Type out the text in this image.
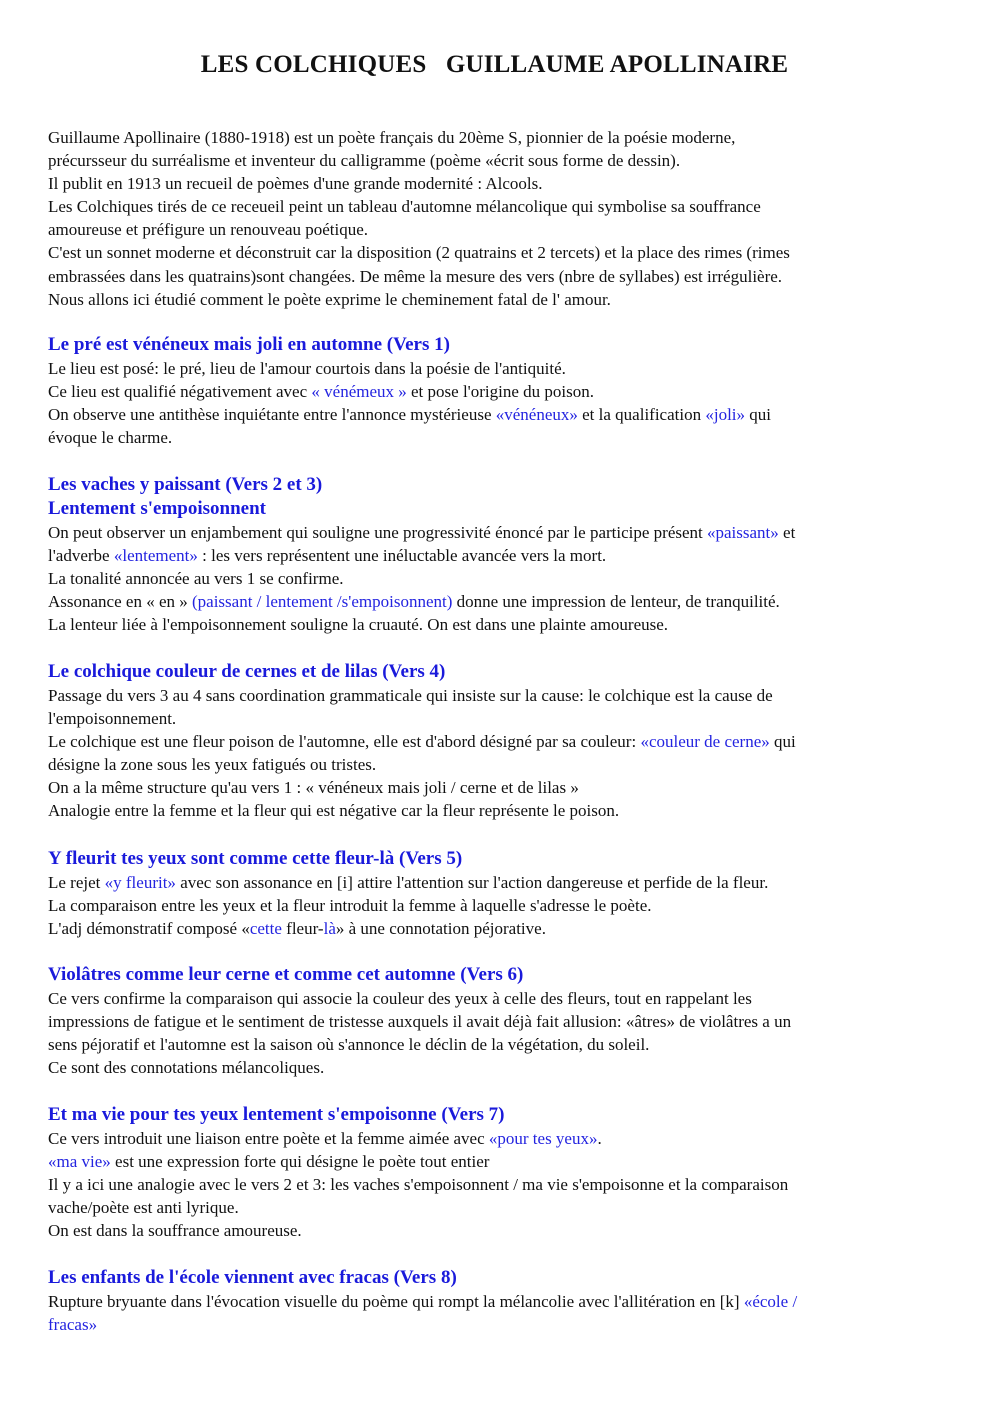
LES COLCHIQUES   GUILLAUME APOLLINAIRE

Guillaume Apollinaire (1880-1918) est un poète français du 20ème S, pionnier de la poésie moderne,

précursseur du surréalisme et inventeur du calligramme (poème «écrit sous forme de dessin).

Il publit en 1913 un recueil de poèmes d'une grande modernité : Alcools.

Les Colchiques tirés de ce receueil peint un tableau d'automne mélancolique qui symbolise sa souffrance

amoureuse et préfigure un renouveau poétique.

C'est un sonnet moderne et déconstruit car la disposition (2 quatrains et 2 tercets) et la place des rimes (rimes

embrassées dans les quatrains)sont changées. De même la mesure des vers (nbre de syllabes) est irrégulière.

Nous allons ici étudié comment le poète exprime le cheminement fatal de l' amour.

Le pré est vénéneux mais joli en automne (Vers 1)

Le lieu est posé: le pré, lieu de l'amour courtois dans la poésie de l'antiquité.

Ce lieu est qualifié négativement avec « vénémeux » et pose l'origine du poison.

On observe une antithèse inquiétante entre l'annonce mystérieuse «vénéneux» et la qualification «joli» qui

évoque le charme.

Les vaches y paissant (Vers 2 et 3)
Lentement s'empoisonnent

On peut observer un enjambement qui souligne une progressivité énoncé par le participe présent «paissant» et

l'adverbe «lentement» : les vers représentent une inéluctable avancée vers la mort.

La tonalité annoncée au vers 1 se confirme.

Assonance en « en » (paissant / lentement /s'empoisonnent) donne une impression de lenteur, de tranquilité.

La lenteur liée à l'empoisonnement souligne la cruauté. On est dans une plainte amoureuse.

Le colchique couleur de cernes et de lilas (Vers 4)

Passage du vers 3 au 4 sans coordination grammaticale qui insiste sur la cause: le colchique est la cause de

l'empoisonnement.

Le colchique est une fleur poison de l'automne, elle est d'abord désigné par sa couleur: «couleur de cerne» qui

désigne la zone sous les yeux fatigués ou tristes.

On a la même structure qu'au vers 1 : « vénéneux mais joli / cerne et de lilas »

Analogie entre la femme et la fleur qui est négative car la fleur représente le poison.

Y fleurit tes yeux sont comme cette fleur-là (Vers 5)

Le rejet «y fleurit» avec son assonance en [i] attire l'attention sur l'action dangereuse et perfide de la fleur.

La comparaison entre les yeux et la fleur introduit la femme à laquelle s'adresse le poète.

L'adj démonstratif composé «cette fleur-là» à une connotation péjorative.

Violâtres comme leur cerne et comme cet automne (Vers 6)

Ce vers confirme la comparaison qui associe la couleur des yeux à celle des fleurs, tout en rappelant les

impressions de fatigue et le sentiment de tristesse auxquels il avait déjà fait allusion: «âtres» de violâtres a un

sens péjoratif et l'automne est la saison où s'annonce le déclin de la végétation, du soleil.

Ce sont des connotations mélancoliques.

Et ma vie pour tes yeux lentement s'empoisonne (Vers 7)

Ce vers introduit une liaison entre poète et la femme aimée avec «pour tes yeux».

«ma vie» est une expression forte qui désigne le poète tout entier

Il y a ici une analogie avec le vers 2 et 3: les vaches s'empoisonnent / ma vie s'empoisonne et la comparaison

vache/poète est anti lyrique.

On est dans la souffrance amoureuse.

Les enfants de l'école viennent avec fracas (Vers 8)

Rupture bryuante dans l'évocation visuelle du poème qui rompt la mélancolie avec l'allitération en [k] «école /

fracas»
